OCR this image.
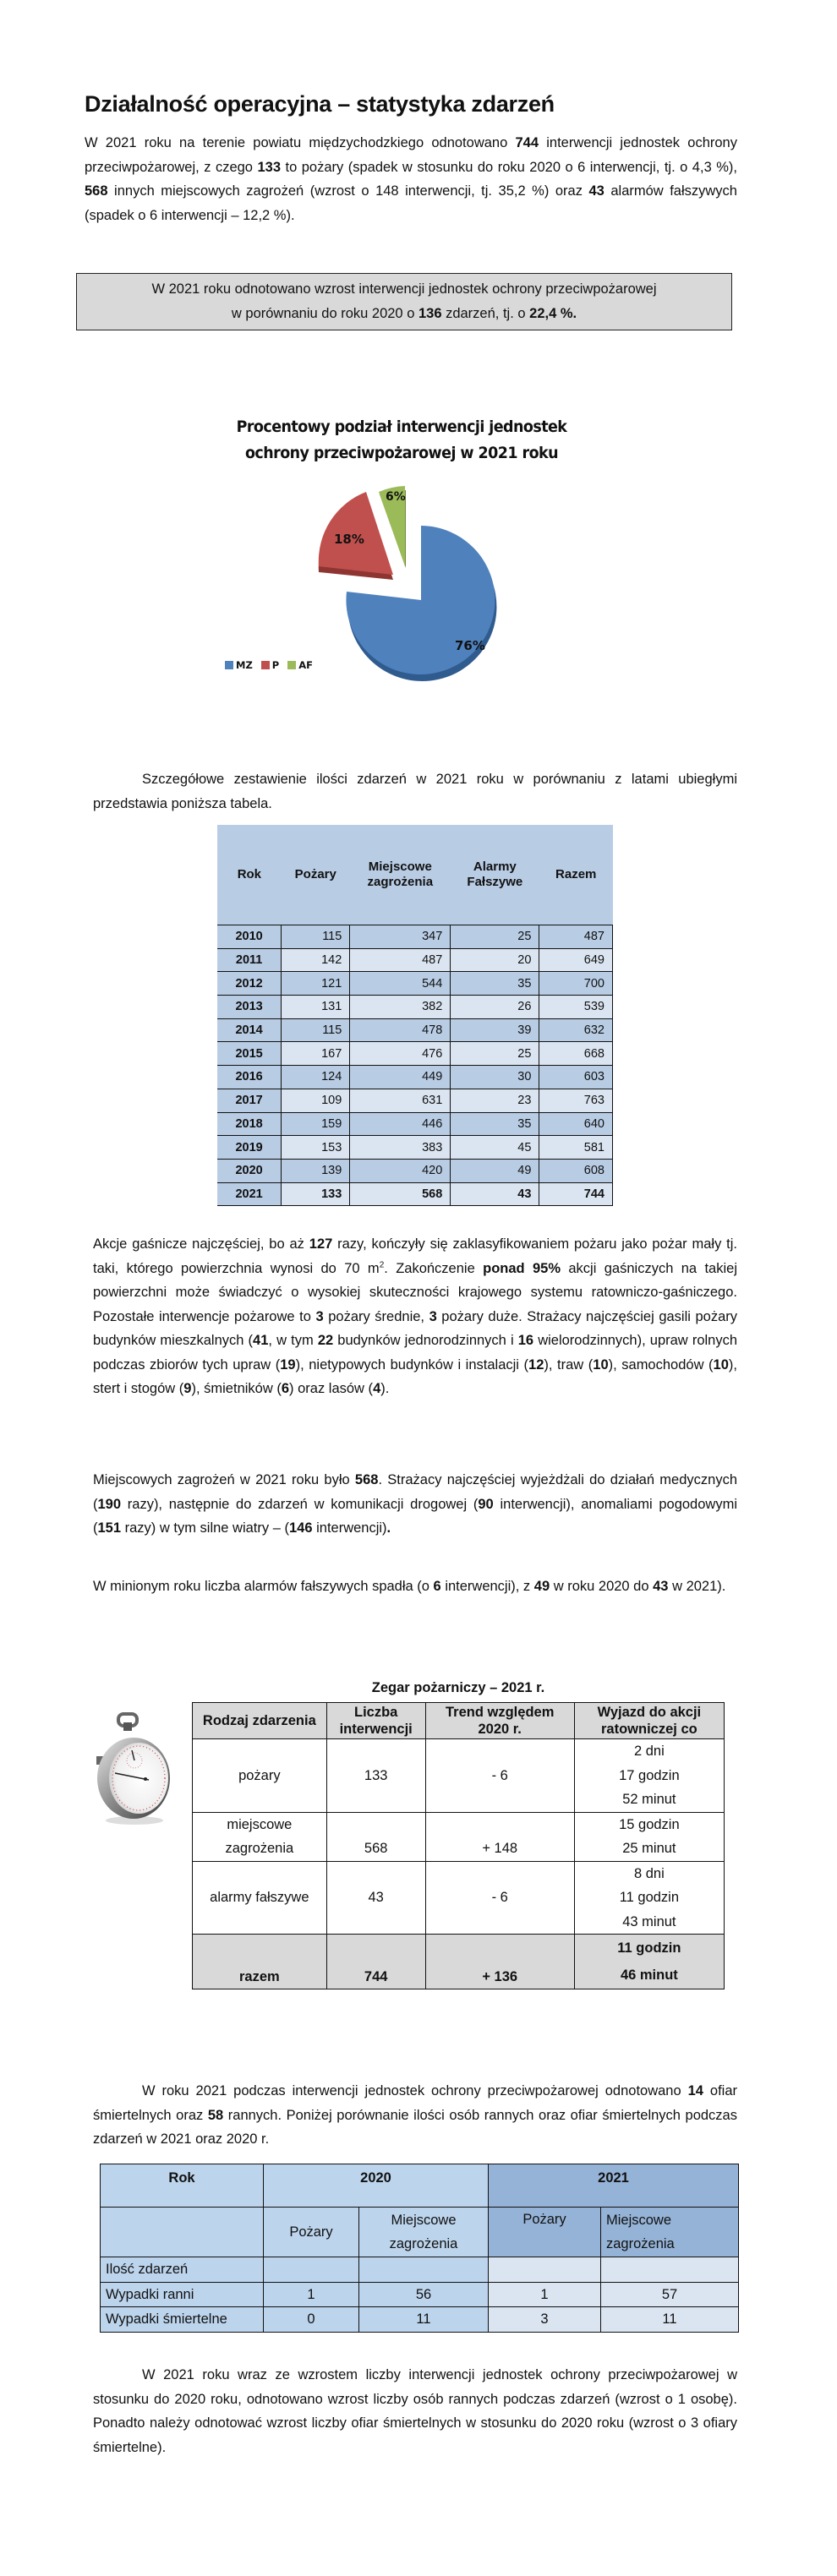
Działalność operacyjna – statystyka zdarzeń

W 2021 roku na terenie powiatu międzychodzkiego odnotowano 744 interwencji jednostek ochrony przeciwpożarowej, z czego 133 to pożary (spadek w stosunku do roku 2020 o 6 interwencji, tj. o 4,3 %), 568 innych miejscowych zagrożeń (wzrost o 148 interwencji, tj. 35,2 %) oraz 43 alarmów fałszywych (spadek o 6 interwencji – 12,2 %).

W 2021 roku odnotowano wzrost interwencji jednostek ochrony przeciwpożarowej
w porównaniu do roku 2020 o 136 zdarzeń, tj. o 22,4 %.
Procentowy podział interwencji jednostek ochrony przeciwpożarowej w 2021 roku
76%
18%
6%
MZ	P	AF

Szczegółowe zestawienie ilości zdarzeń w 2021 roku w porównaniu z latami ubiegłymi przedstawia poniższa tabela.

Rok	Pożary	Miejscowe zagrożenia	Alarmy Fałszywe	Razem
2010	115	347	25	487
2011	142	487	20	649
2012	121	544	35	700
2013	131	382	26	539
2014	115	478	39	632
2015	167	476	25	668
2016	124	449	30	603
2017	109	631	23	763
2018	159	446	35	640
2019	153	383	45	581
2020	139	420	49	608
2021	133	568	43	744

Akcje gaśnicze najczęściej, bo aż 127 razy, kończyły się zaklasyfikowaniem pożaru jako pożar mały tj. taki, którego powierzchnia wynosi do 70 $m^2$. Zakończenie ponad 95% akcji gaśniczych na takiej powierzchni może świadczyć o wysokiej skuteczności krajowego systemu ratowniczo-gaśniczego. Pozostałe interwencje pożarowe to 3 pożary średnie, 3 pożary duże. Strażacy najczęściej gasili pożary budynków mieszkalnych (41, w tym 22 budynków jednorodzinnych i 16 wielorodzinnych), upraw rolnych podczas zbiorów tych upraw (19), nietypowych budynków i instalacji (12), traw (10), samochodów (10), stert i stogów (9), śmietników (6) oraz lasów (4).

Miejscowych zagrożeń w 2021 roku było 568. Strażacy najczęściej wyjeżdżali do działań medycznych (190 razy), następnie do zdarzeń w komunikacji drogowej (90 interwencji), anomaliami pogodowymi (151 razy) w tym silne wiatry – (146 interwencji).

W minionym roku liczba alarmów fałszywych spadła (o 6 interwencji), z 49 w roku 2020 do 43 w 2021).

Zegar pożarniczy – 2021 r.
Rodzaj zdarzenia	Liczba interwencji	Trend względem 2020 r.	Wyjazd do akcji ratowniczej co
pożary	133	- 6	2 dni
17 godzin
52 minut

miejscowe zagrożenia	568	+ 148	15 godzin
25 minut

alarmy fałszywe	43	- 6	8 dni
11 godzin
43 minut

razem	744	+ 136	11 godzin
46 minut

W roku 2021 podczas interwencji jednostek ochrony przeciwpożarowej odnotowano 14 ofiar śmiertelnych oraz 58 rannych. Poniżej porównanie ilości osób rannych oraz ofiar śmiertelnych podczas zdarzeń w 2021 oraz 2020 r.

Rok	2020		2021	
	Pożary	Miejscowe zagrożenia	Pożary	Miejscowe zagrożenia
Ilość zdarzeń				
Wypadki ranni	1	56	1	57
Wypadki śmiertelne	0	11	3	11

W 2021 roku wraz ze wzrostem liczby interwencji jednostek ochrony przeciwpożarowej w stosunku do 2020 roku, odnotowano wzrost liczby osób rannych podczas zdarzeń (wzrost o 1 osobę). Ponadto należy odnotować wzrost liczby ofiar śmiertelnych w stosunku do 2020 roku (wzrost o 3 ofiary śmiertelne).
